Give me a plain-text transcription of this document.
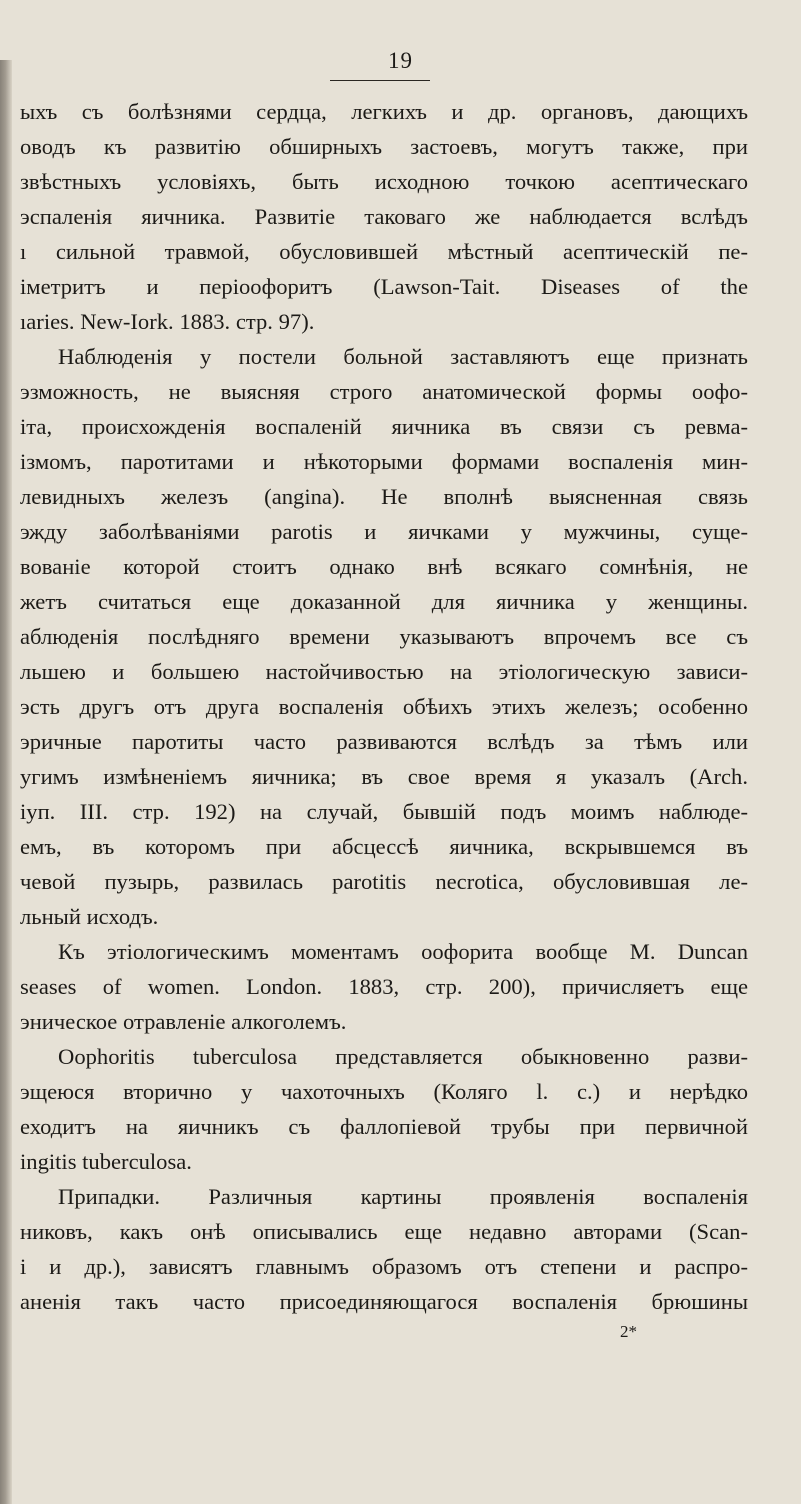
19
ыхъ съ болѣзнями сердца, легкихъ и др. органовъ, дающихъ
оводъ къ развитію обширныхъ застоевъ, могутъ также, при
звѣстныхъ условіяхъ, быть исходною точкою асептическаго
эспаленія яичника. Развитіе таковаго же наблюдается вслѣдъ
ı сильной травмой, обусловившей мѣстный асептическій пе-
іметритъ и періоофоритъ (Lawson-Tait. Diseases of the
ıaries. New-Iork. 1883. стр. 97).
Наблюденія у постели больной заставляютъ еще признать
эзможность, не выясняя строго анатомической формы оофо-
іта, происхожденія воспаленій яичника въ связи съ ревма-
ізмомъ, паротитами и нѣкоторыми формами воспаленія мин-
левидныхъ железъ (angina). Не вполнѣ выясненная связь
эжду заболѣваніями parotis и яичками у мужчины, суще-
вованіе которой стоитъ однако внѣ всякаго сомнѣнія, не
жетъ считаться еще доказанной для яичника у женщины.
аблюденія послѣдняго времени указываютъ впрочемъ все съ
льшею и большею настойчивостью на этіологическую зависи-
эсть другъ отъ друга воспаленія обѣихъ этихъ железъ; особенно
эричные паротиты часто развиваются вслѣдъ за тѣмъ или
угимъ измѣненіемъ яичника; въ свое время я указалъ (Arch.
iуп. III. стр. 192) на случай, бывшій подъ моимъ наблюде-
емъ, въ которомъ при абсцессѣ яичника, вскрывшемся въ
чевой пузырь, развилась parotitis necrotica, обусловившая ле-
льный исходъ.
Къ этіологическимъ моментамъ оофорита вообще M. Duncan
seases of women. London. 1883, стр. 200), причисляетъ еще
эническое отравленіе алкоголемъ.
Oophoritis tuberculosa представляется обыкновенно разви-
эщеюся вторично у чахоточныхъ (Коляго l. c.) и нерѣдко
еходитъ на яичникъ съ фаллопіевой трубы при первичной
ingitis tuberculosa.
Припадки. Различныя картины проявленія воспаленія
никовъ, какъ онѣ описывались еще недавно авторами (Scan-
i и др.), зависятъ главнымъ образомъ отъ степени и распро-
аненія такъ часто присоединяющагося воспаленія брюшины
2*
